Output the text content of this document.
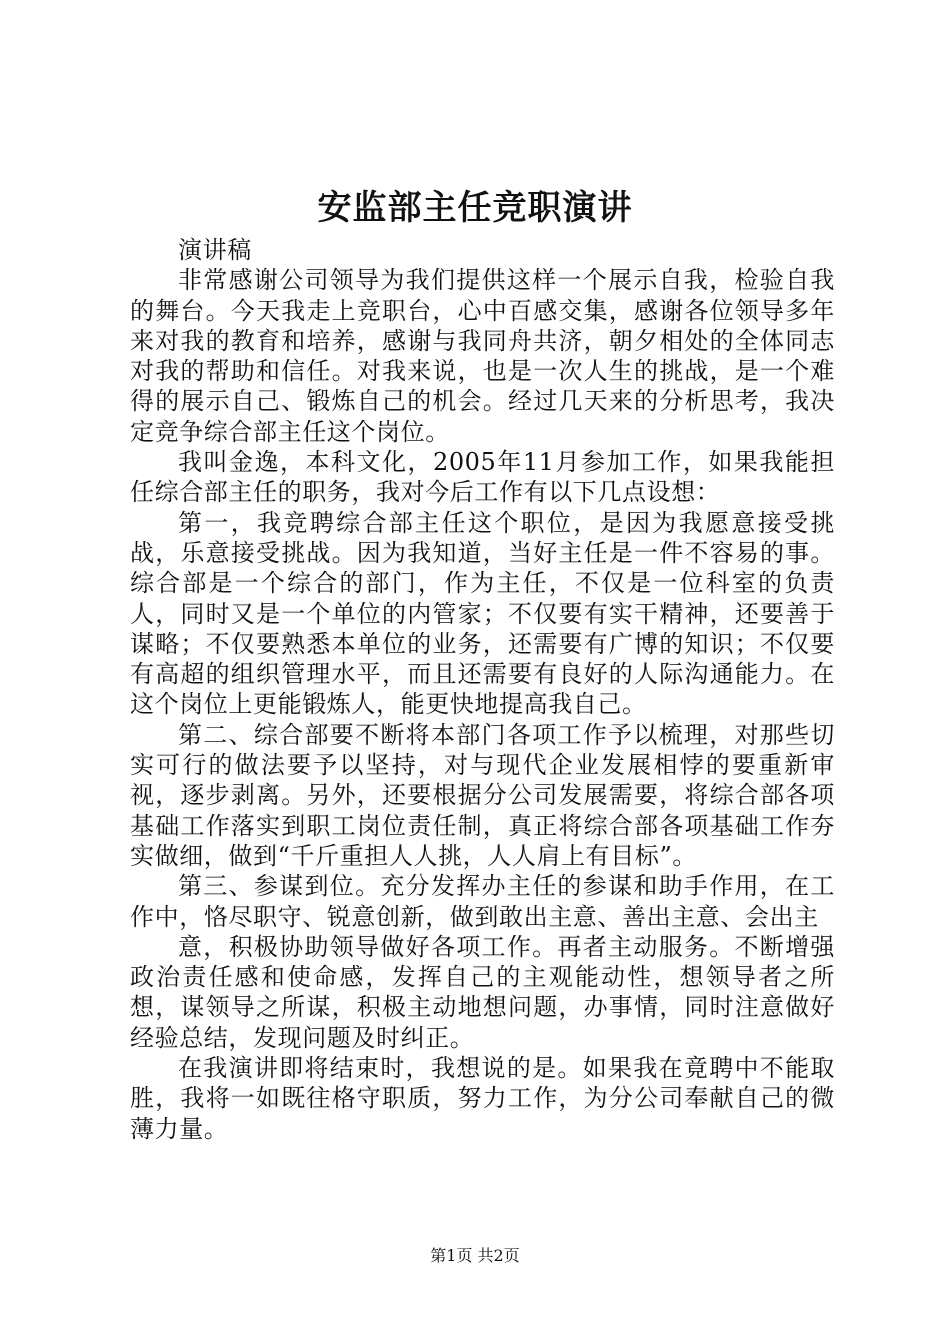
安监部主任竞职演讲

演讲稿

非常感谢公司领导为我们提供这样一个展示自我，检验自我的舞台。今天我走上竞职台，心中百感交集，感谢各位领导多年来对我的教育和培养，感谢与我同舟共济，朝夕相处的全体同志对我的帮助和信任。对我来说，也是一次人生的挑战，是一个难得的展示自己、锻炼自己的机会。经过几天来的分析思考，我决定竞争综合部主任这个岗位。

我叫金逸，本科文化，2005年11月参加工作，如果我能担任综合部主任的职务，我对今后工作有以下几点设想：

第一，我竞聘综合部主任这个职位，是因为我愿意接受挑战，乐意接受挑战。因为我知道，当好主任是一件不容易的事。综合部是一个综合的部门，作为主任，不仅是一位科室的负责人，同时又是一个单位的内管家；不仅要有实干精神，还要善于谋略；不仅要熟悉本单位的业务，还需要有广博的知识；不仅要有高超的组织管理水平，而且还需要有良好的人际沟通能力。在这个岗位上更能锻炼人，能更快地提高我自己。

第二、综合部要不断将本部门各项工作予以梳理，对那些切实可行的做法要予以坚持，对与现代企业发展相悖的要重新审视，逐步剥离。另外，还要根据分公司发展需要，将综合部各项基础工作落实到职工岗位责任制，真正将综合部各项基础工作夯实做细，做到“千斤重担人人挑，人人肩上有目标”。

第三、参谋到位。充分发挥办主任的参谋和助手作用，在工作中，恪尽职守、锐意创新，做到敢出主意、善出主意、会出主

意，积极协助领导做好各项工作。再者主动服务。不断增强政治责任感和使命感，发挥自己的主观能动性，想领导者之所想，谋领导之所谋，积极主动地想问题，办事情，同时注意做好经验总结，发现问题及时纠正。

在我演讲即将结束时，我想说的是。如果我在竟聘中不能取胜，我将一如既往格守职质，努力工作，为分公司奉献自己的微薄力量。

第1页 共2页
